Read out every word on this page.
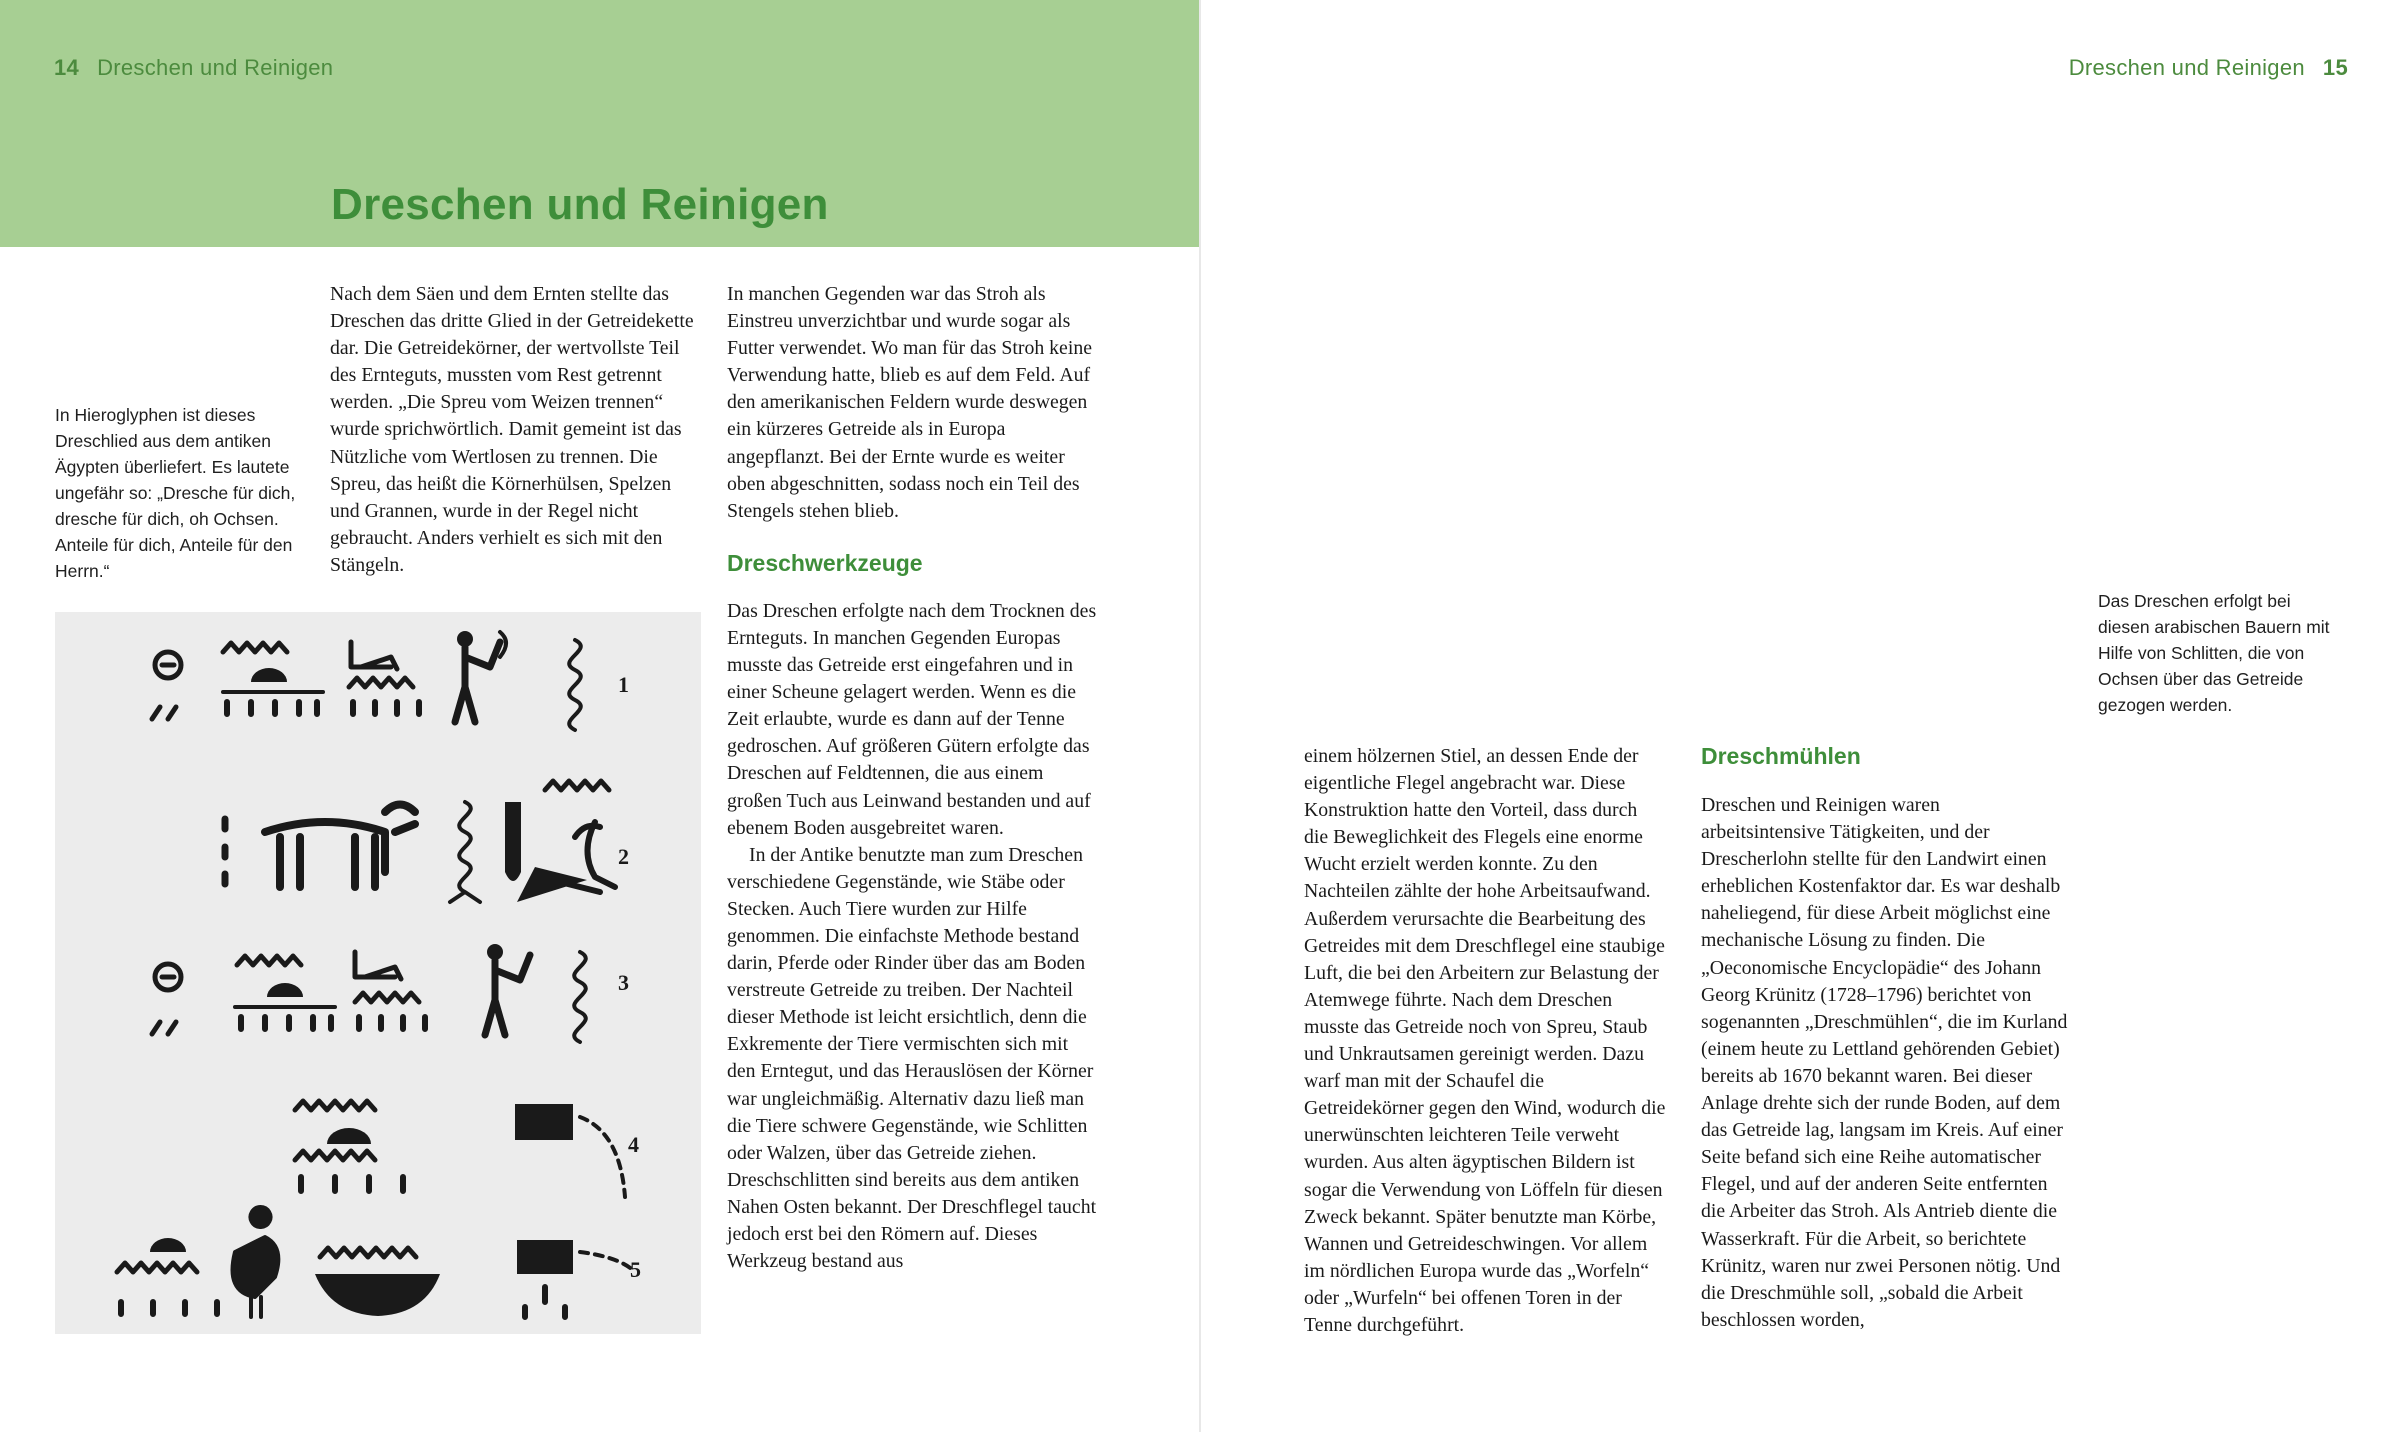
14 Dreschen und Reinigen
Dreschen und Reinigen

In Hieroglyphen ist dieses Dreschlied aus dem antiken Ägypten überliefert. Es lautete ungefähr so: „Dresche für dich, dresche für dich, oh Ochsen. Anteile für dich, Anteile für den Herrn.“

Nach dem Säen und dem Ernten stellte das Dreschen das dritte Glied in der Getreidekette dar. Die Getreidekörner, der wertvollste Teil des Ernteguts, mussten vom Rest getrennt werden. „Die Spreu vom Weizen trennen“ wurde sprichwörtlich. Damit gemeint ist das Nützliche vom Wertlosen zu trennen. Die Spreu, das heißt die Körnerhülsen, Spelzen und Grannen, wurde in der Regel nicht gebraucht. Anders verhielt es sich mit den Stängeln.

In manchen Gegenden war das Stroh als Einstreu unverzichtbar und wurde sogar als Futter verwendet. Wo man für das Stroh keine Verwendung hatte, blieb es auf dem Feld. Auf den amerikanischen Feldern wurde deswegen ein kürzeres Getreide als in Europa angepflanzt. Bei der Ernte wurde es weiter oben abgeschnitten, sodass noch ein Teil des Stengels stehen blieb.

Dreschwerkzeuge

Das Dreschen erfolgte nach dem Trocknen des Ernteguts. In manchen Gegenden Europas musste das Getreide erst eingefahren und in einer Scheune gelagert werden. Wenn es die Zeit erlaubte, wurde es dann auf der Tenne gedroschen. Auf größeren Gütern erfolgte das Dreschen auf Feldtennen, die aus einem großen Tuch aus Leinwand bestanden und auf ebenem Boden ausgebreitet waren.

In der Antike benutzte man zum Dreschen verschiedene Gegenstände, wie Stäbe oder Stecken. Auch Tiere wurden zur Hilfe genommen. Die einfachste Methode bestand darin, Pferde oder Rinder über das am Boden verstreute Getreide zu treiben. Der Nachteil dieser Methode ist leicht ersichtlich, denn die Exkremente der Tiere vermischten sich mit den Erntegut, und das Herauslösen der Körner war ungleichmäßig. Alternativ dazu ließ man die Tiere schwere Gegenstände, wie Schlitten oder Walzen, über das Getreide ziehen. Dreschschlitten sind bereits aus dem antiken Nahen Osten bekannt. Der Dreschflegel taucht jedoch erst bei den Römern auf. Dieses Werkzeug bestand aus

1
2
3
4
5
Dreschen und Reinigen 15

Das Dreschen erfolgt bei diesen arabischen Bauern mit Hilfe von Schlitten, die von Ochsen über das Getreide gezogen werden.

einem hölzernen Stiel, an dessen Ende der eigentliche Flegel angebracht war. Diese Konstruktion hatte den Vorteil, dass durch die Beweglichkeit des Flegels eine enorme Wucht erzielt werden konnte. Zu den Nachteilen zählte der hohe Arbeitsaufwand. Außerdem verursachte die Bearbeitung des Getreides mit dem Dreschflegel eine staubige Luft, die bei den Arbeitern zur Belastung der Atemwege führte. Nach dem Dreschen musste das Getreide noch von Spreu, Staub und Unkrautsamen gereinigt werden. Dazu warf man mit der Schaufel die Getreidekörner gegen den Wind, wodurch die unerwünschten leichteren Teile verweht wurden. Aus alten ägyptischen Bildern ist sogar die Verwendung von Löffeln für diesen Zweck bekannt. Später benutzte man Körbe, Wannen und Getreideschwingen. Vor allem im nördlichen Europa wurde das „Worfeln“ oder „Wurfeln“ bei offenen Toren in der Tenne durchgeführt.

Dreschmühlen

Dreschen und Reinigen waren arbeitsintensive Tätigkeiten, und der Drescherlohn stellte für den Landwirt einen erheblichen Kostenfaktor dar. Es war deshalb naheliegend, für diese Arbeit möglichst eine mechanische Lösung zu finden. Die „Oeconomische Encyclopädie“ des Johann Georg Krünitz (1728–1796) berichtet von sogenannten „Dreschmühlen“, die im Kurland (einem heute zu Lettland gehörenden Gebiet) bereits ab 1670 bekannt waren. Bei dieser Anlage drehte sich der runde Boden, auf dem das Getreide lag, langsam im Kreis. Auf einer Seite befand sich eine Reihe automatischer Flegel, und auf der anderen Seite entfernten die Arbeiter das Stroh. Als Antrieb diente die Wasserkraft. Für die Arbeit, so berichtete Krünitz, waren nur zwei Personen nötig. Und die Dreschmühle soll, „sobald die Arbeit beschlossen worden,
